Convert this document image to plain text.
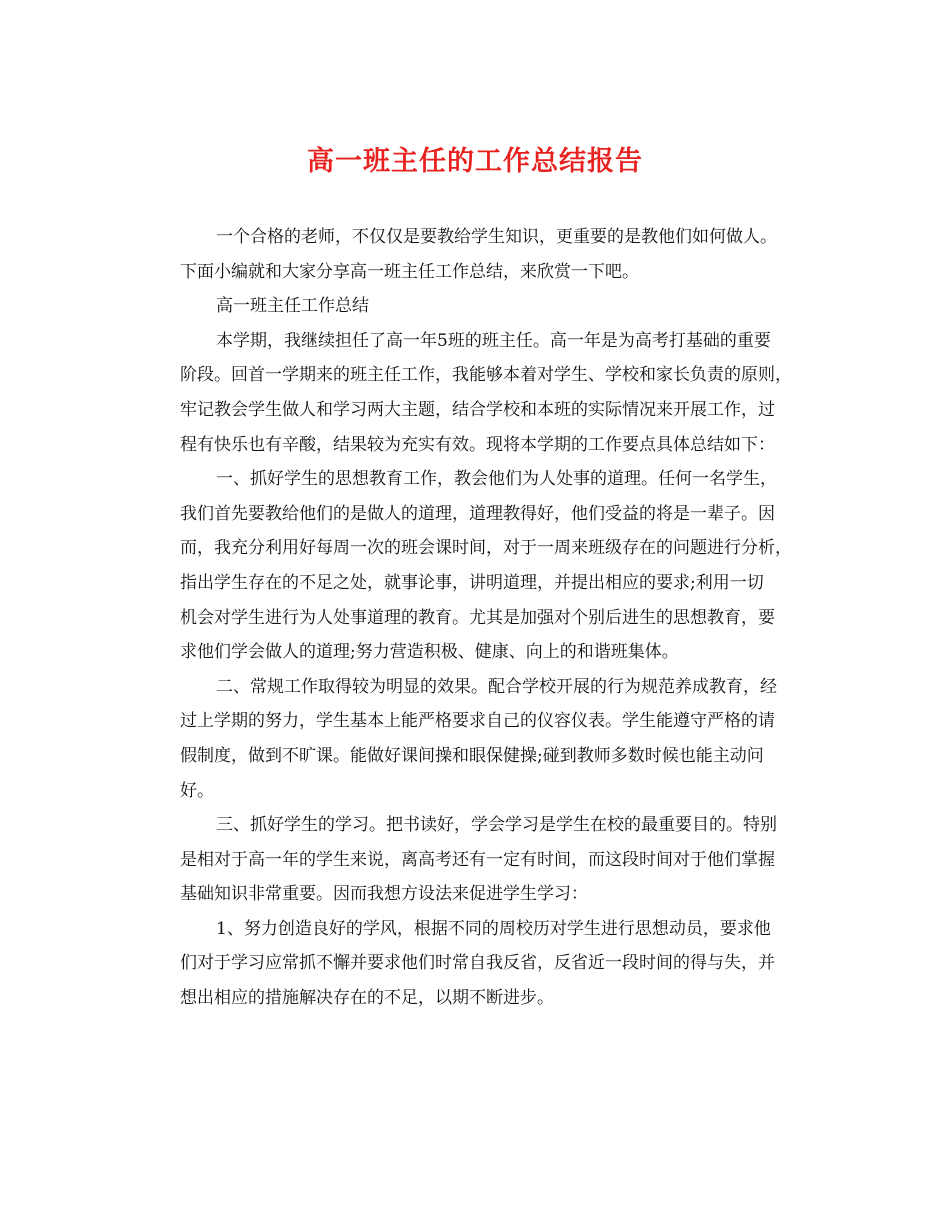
高一班主任的工作总结报告

一个合格的老师，不仅仅是要教给学生知识，更重要的是教他们如何做人。
下面小编就和大家分享高一班主任工作总结，来欣赏一下吧。

高一班主任工作总结

本学期，我继续担任了高一年5班的班主任。高一年是为高考打基础的重要
阶段。回首一学期来的班主任工作，我能够本着对学生、学校和家长负责的原则，
牢记教会学生做人和学习两大主题，结合学校和本班的实际情况来开展工作，过
程有快乐也有辛酸，结果较为充实有效。现将本学期的工作要点具体总结如下：

一、抓好学生的思想教育工作，教会他们为人处事的道理。任何一名学生，
我们首先要教给他们的是做人的道理，道理教得好，他们受益的将是一辈子。因
而，我充分利用好每周一次的班会课时间，对于一周来班级存在的问题进行分析，
指出学生存在的不足之处，就事论事，讲明道理，并提出相应的要求;利用一切
机会对学生进行为人处事道理的教育。尤其是加强对个别后进生的思想教育，要
求他们学会做人的道理;努力营造积极、健康、向上的和谐班集体。

二、常规工作取得较为明显的效果。配合学校开展的行为规范养成教育，经
过上学期的努力，学生基本上能严格要求自己的仪容仪表。学生能遵守严格的请
假制度，做到不旷课。能做好课间操和眼保健操;碰到教师多数时候也能主动问
好。

三、抓好学生的学习。把书读好，学会学习是学生在校的最重要目的。特别
是相对于高一年的学生来说，离高考还有一定有时间，而这段时间对于他们掌握
基础知识非常重要。因而我想方设法来促进学生学习：

1、努力创造良好的学风，根据不同的周校历对学生进行思想动员，要求他
们对于学习应常抓不懈并要求他们时常自我反省，反省近一段时间的得与失，并
想出相应的措施解决存在的不足，以期不断进步。
